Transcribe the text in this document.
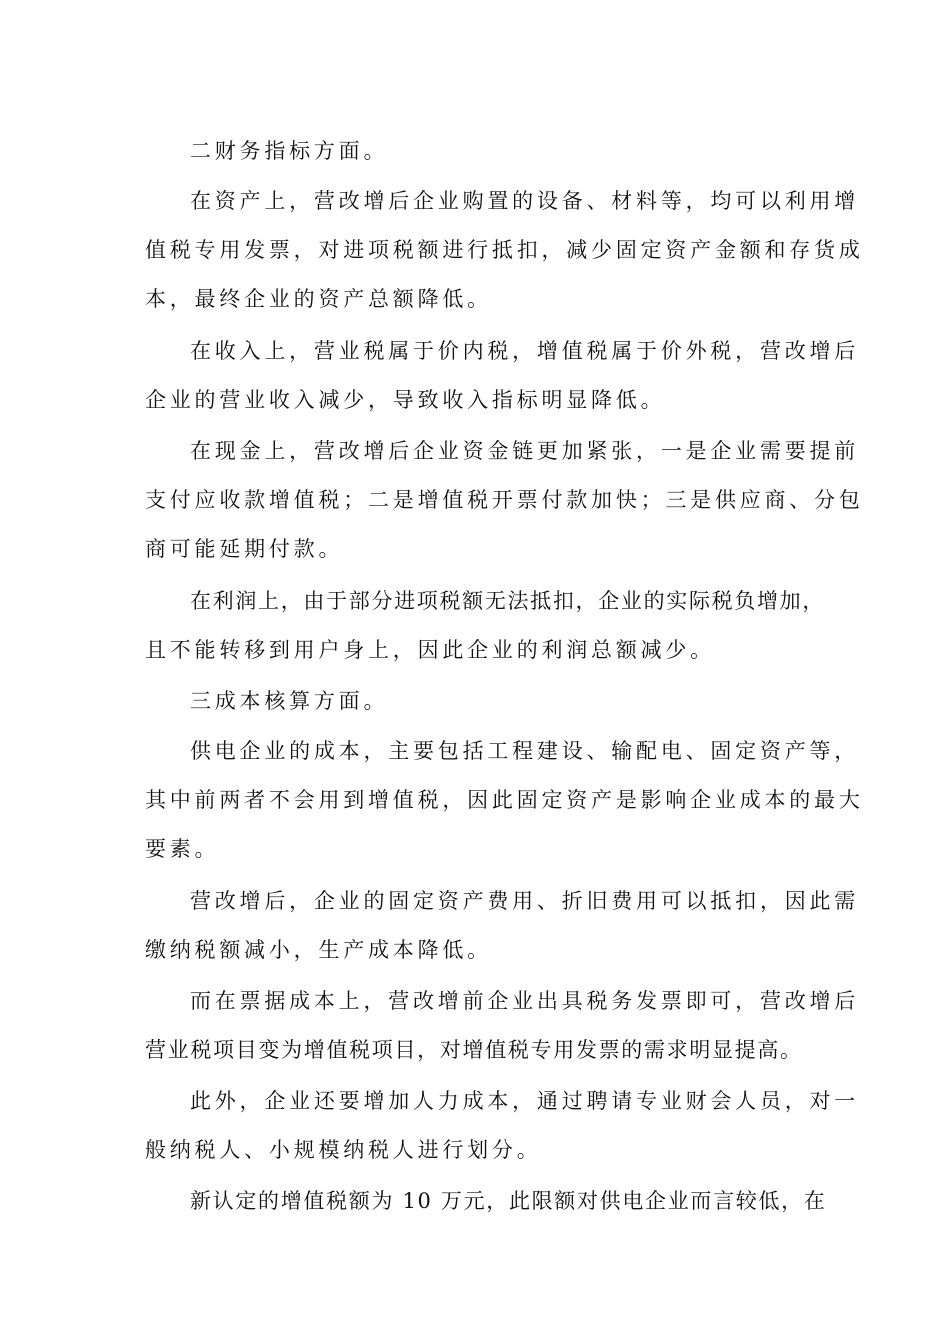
二财务指标方面。
在资产上，营改增后企业购置的设备、材料等，均可以利用增
值税专用发票，对进项税额进行抵扣，减少固定资产金额和存货成
本，最终企业的资产总额降低。
在收入上，营业税属于价内税，增值税属于价外税，营改增后
企业的营业收入减少，导致收入指标明显降低。
在现金上，营改增后企业资金链更加紧张，一是企业需要提前
支付应收款增值税；二是增值税开票付款加快；三是供应商、分包
商可能延期付款。
在利润上，由于部分进项税额无法抵扣，企业的实际税负增加，
且不能转移到用户身上，因此企业的利润总额减少。
三成本核算方面。
供电企业的成本，主要包括工程建设、输配电、固定资产等，
其中前两者不会用到增值税，因此固定资产是影响企业成本的最大
要素。
营改增后，企业的固定资产费用、折旧费用可以抵扣，因此需
缴纳税额减小，生产成本降低。
而在票据成本上，营改增前企业出具税务发票即可，营改增后
营业税项目变为增值税项目，对增值税专用发票的需求明显提高。
此外，企业还要增加人力成本，通过聘请专业财会人员，对一
般纳税人、小规模纳税人进行划分。
新认定的增值税额为 10 万元，此限额对供电企业而言较低，在
